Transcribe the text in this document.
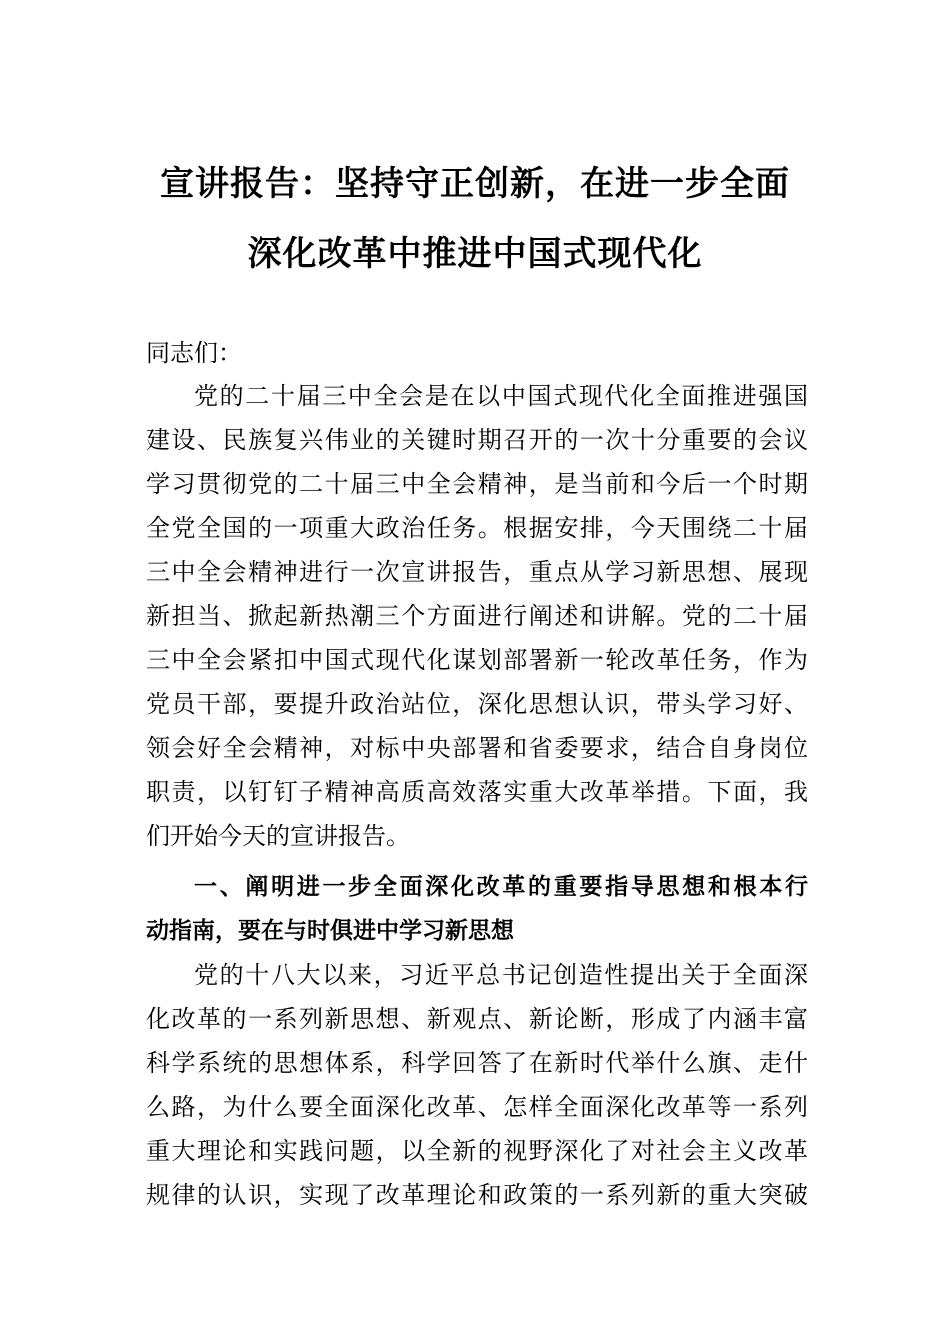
宣讲报告：坚持守正创新，在进一步全面
深化改革中推进中国式现代化
同志们：
党的二十届三中全会是在以中国式现代化全面推进强国
建设、民族复兴伟业的关键时期召开的一次十分重要的会议
学习贯彻党的二十届三中全会精神，是当前和今后一个时期
全党全国的一项重大政治任务。根据安排，今天围绕二十届
三中全会精神进行一次宣讲报告，重点从学习新思想、展现
新担当、掀起新热潮三个方面进行阐述和讲解。党的二十届
三中全会紧扣中国式现代化谋划部署新一轮改革任务，作为
党员干部，要提升政治站位，深化思想认识，带头学习好、
领会好全会精神，对标中央部署和省委要求，结合自身岗位
职责，以钉钉子精神高质高效落实重大改革举措。下面，我
们开始今天的宣讲报告。
一、阐明进一步全面深化改革的重要指导思想和根本行
动指南，要在与时俱进中学习新思想
党的十八大以来，习近平总书记创造性提出关于全面深
化改革的一系列新思想、新观点、新论断，形成了内涵丰富
科学系统的思想体系，科学回答了在新时代举什么旗、走什
么路，为什么要全面深化改革、怎样全面深化改革等一系列
重大理论和实践问题，以全新的视野深化了对社会主义改革
规律的认识，实现了改革理论和政策的一系列新的重大突破
